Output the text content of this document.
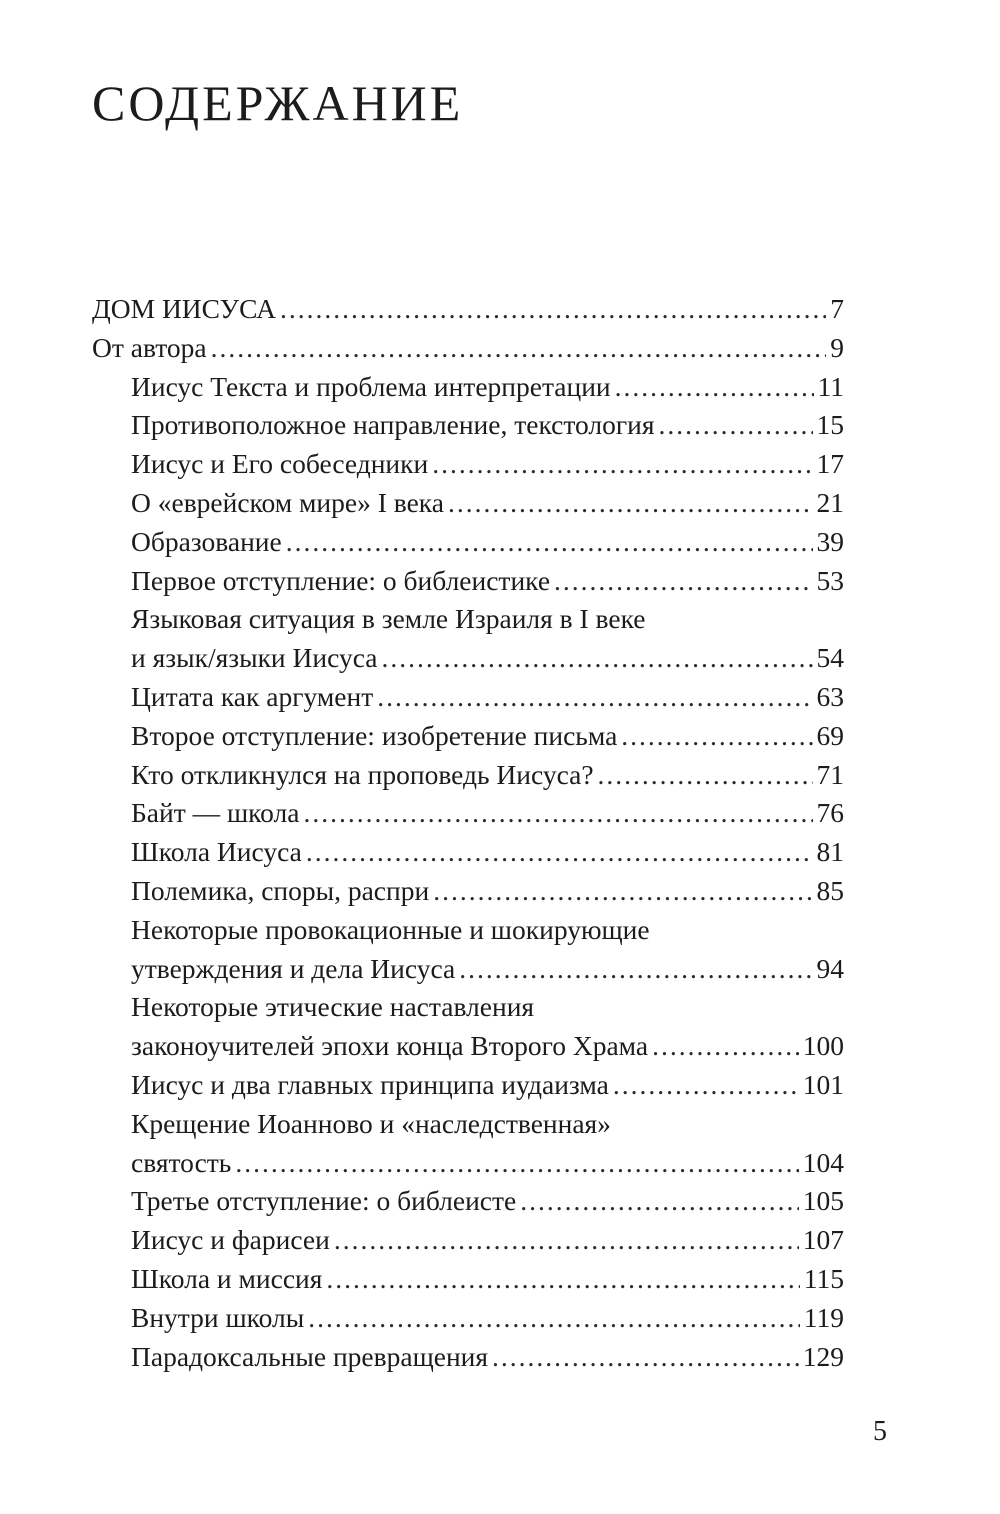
СОДЕРЖАНИЕ
ДОМ ИИСУСА .....	7
От автора .....	9
Иисус Текста и проблема интерпретации .....	11
Противоположное направление, текстология .....	15
Иисус и Его собеседники .....	17
О «еврейском мире» I века .....	21
Образование .....	39
Первое отступление: о библеистике .....	53
Языковая ситуация в земле Израиля в I веке
и язык/языки Иисуса .....	54
Цитата как аргумент .....	63
Второе отступление: изобретение письма .....	69
Кто откликнулся на проповедь Иисуса? .....	71
Байт — школа .....	76
Школа Иисуса .....	81
Полемика, споры, распри .....	85
Некоторые провокационные и шокирующие
утверждения и дела Иисуса .....	94
Некоторые этические наставления
законоучителей эпохи конца Второго Храма .....	100
Иисус и два главных принципа иудаизма .....	101
Крещение Иоанново и «наследственная»
святость .....	104
Третье отступление: о библеисте .....	105
Иисус и фарисеи .....	107
Школа и миссия .....	115
Внутри школы .....	119
Парадоксальные превращения .....	129

5
